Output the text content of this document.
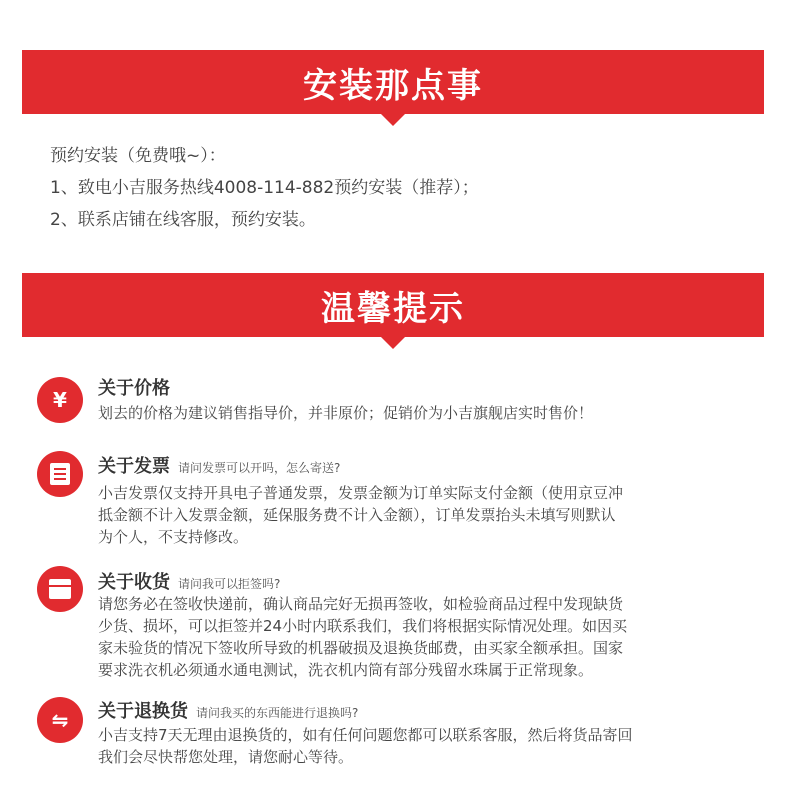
安装那点事
预约安装（免费哦~）：
1、致电小吉服务热线4008-114-882预约安装（推荐）；
2、联系店铺在线客服，预约安装。
温馨提示
¥	关于价格
划去的价格为建议销售指导价，并非原价；促销价为小吉旗舰店实时售价！
关于发票 请问发票可以开吗，怎么寄送?
小吉发票仅支持开具电子普通发票，发票金额为订单实际支付金额（使用京豆冲
抵金额不计入发票金额，延保服务费不计入金额），订单发票抬头未填写则默认
为个人，不支持修改。
关于收货 请问我可以拒签吗?
请您务必在签收快递前，确认商品完好无损再签收，如检验商品过程中发现缺货
少货、损坏，可以拒签并24小时内联系我们，我们将根据实际情况处理。如因买
家未验货的情况下签收所导致的机器破损及退换货邮费，由买家全额承担。国家
要求洗衣机必须通水通电测试，洗衣机内筒有部分残留水珠属于正常现象。
⇋	关于退换货 请问我买的东西能进行退换吗?
小吉支持7天无理由退换货的，如有任何问题您都可以联系客服，然后将货品寄回
我们会尽快帮您处理，请您耐心等待。
